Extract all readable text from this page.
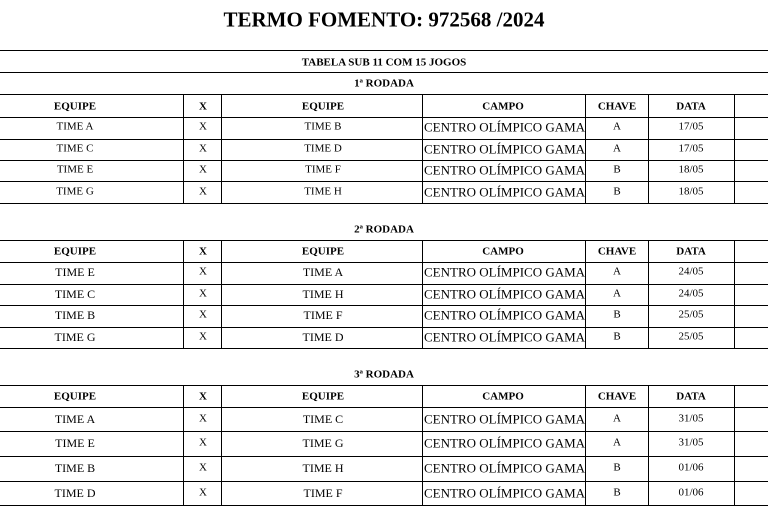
TERMO FOMENTO: 972568 /2024
TABELA SUB 11 COM 15 JOGOS
1ª RODADA
EQUIPE	X	EQUIPE	CAMPO	CHAVE	DATA
TIME A	X	TIME B	CENTRO OLÍMPICO GAMA	A	17/05
TIME C	X	TIME D	CENTRO OLÍMPICO GAMA	A	17/05
TIME E	X	TIME F	CENTRO OLÍMPICO GAMA	B	18/05
TIME G	X	TIME H	CENTRO OLÍMPICO GAMA	B	18/05
2ª RODADA
EQUIPE	X	EQUIPE	CAMPO	CHAVE	DATA
TIME E	X	TIME A	CENTRO OLÍMPICO GAMA	A	24/05
TIME C	X	TIME H	CENTRO OLÍMPICO GAMA	A	24/05
TIME B	X	TIME F	CENTRO OLÍMPICO GAMA	B	25/05
TIME G	X	TIME D	CENTRO OLÍMPICO GAMA	B	25/05
3ª RODADA
EQUIPE	X	EQUIPE	CAMPO	CHAVE	DATA
TIME A	X	TIME C	CENTRO OLÍMPICO GAMA	A	31/05
TIME E	X	TIME G	CENTRO OLÍMPICO GAMA	A	31/05
TIME B	X	TIME H	CENTRO OLÍMPICO GAMA	B	01/06
TIME D	X	TIME F	CENTRO OLÍMPICO GAMA	B	01/06
